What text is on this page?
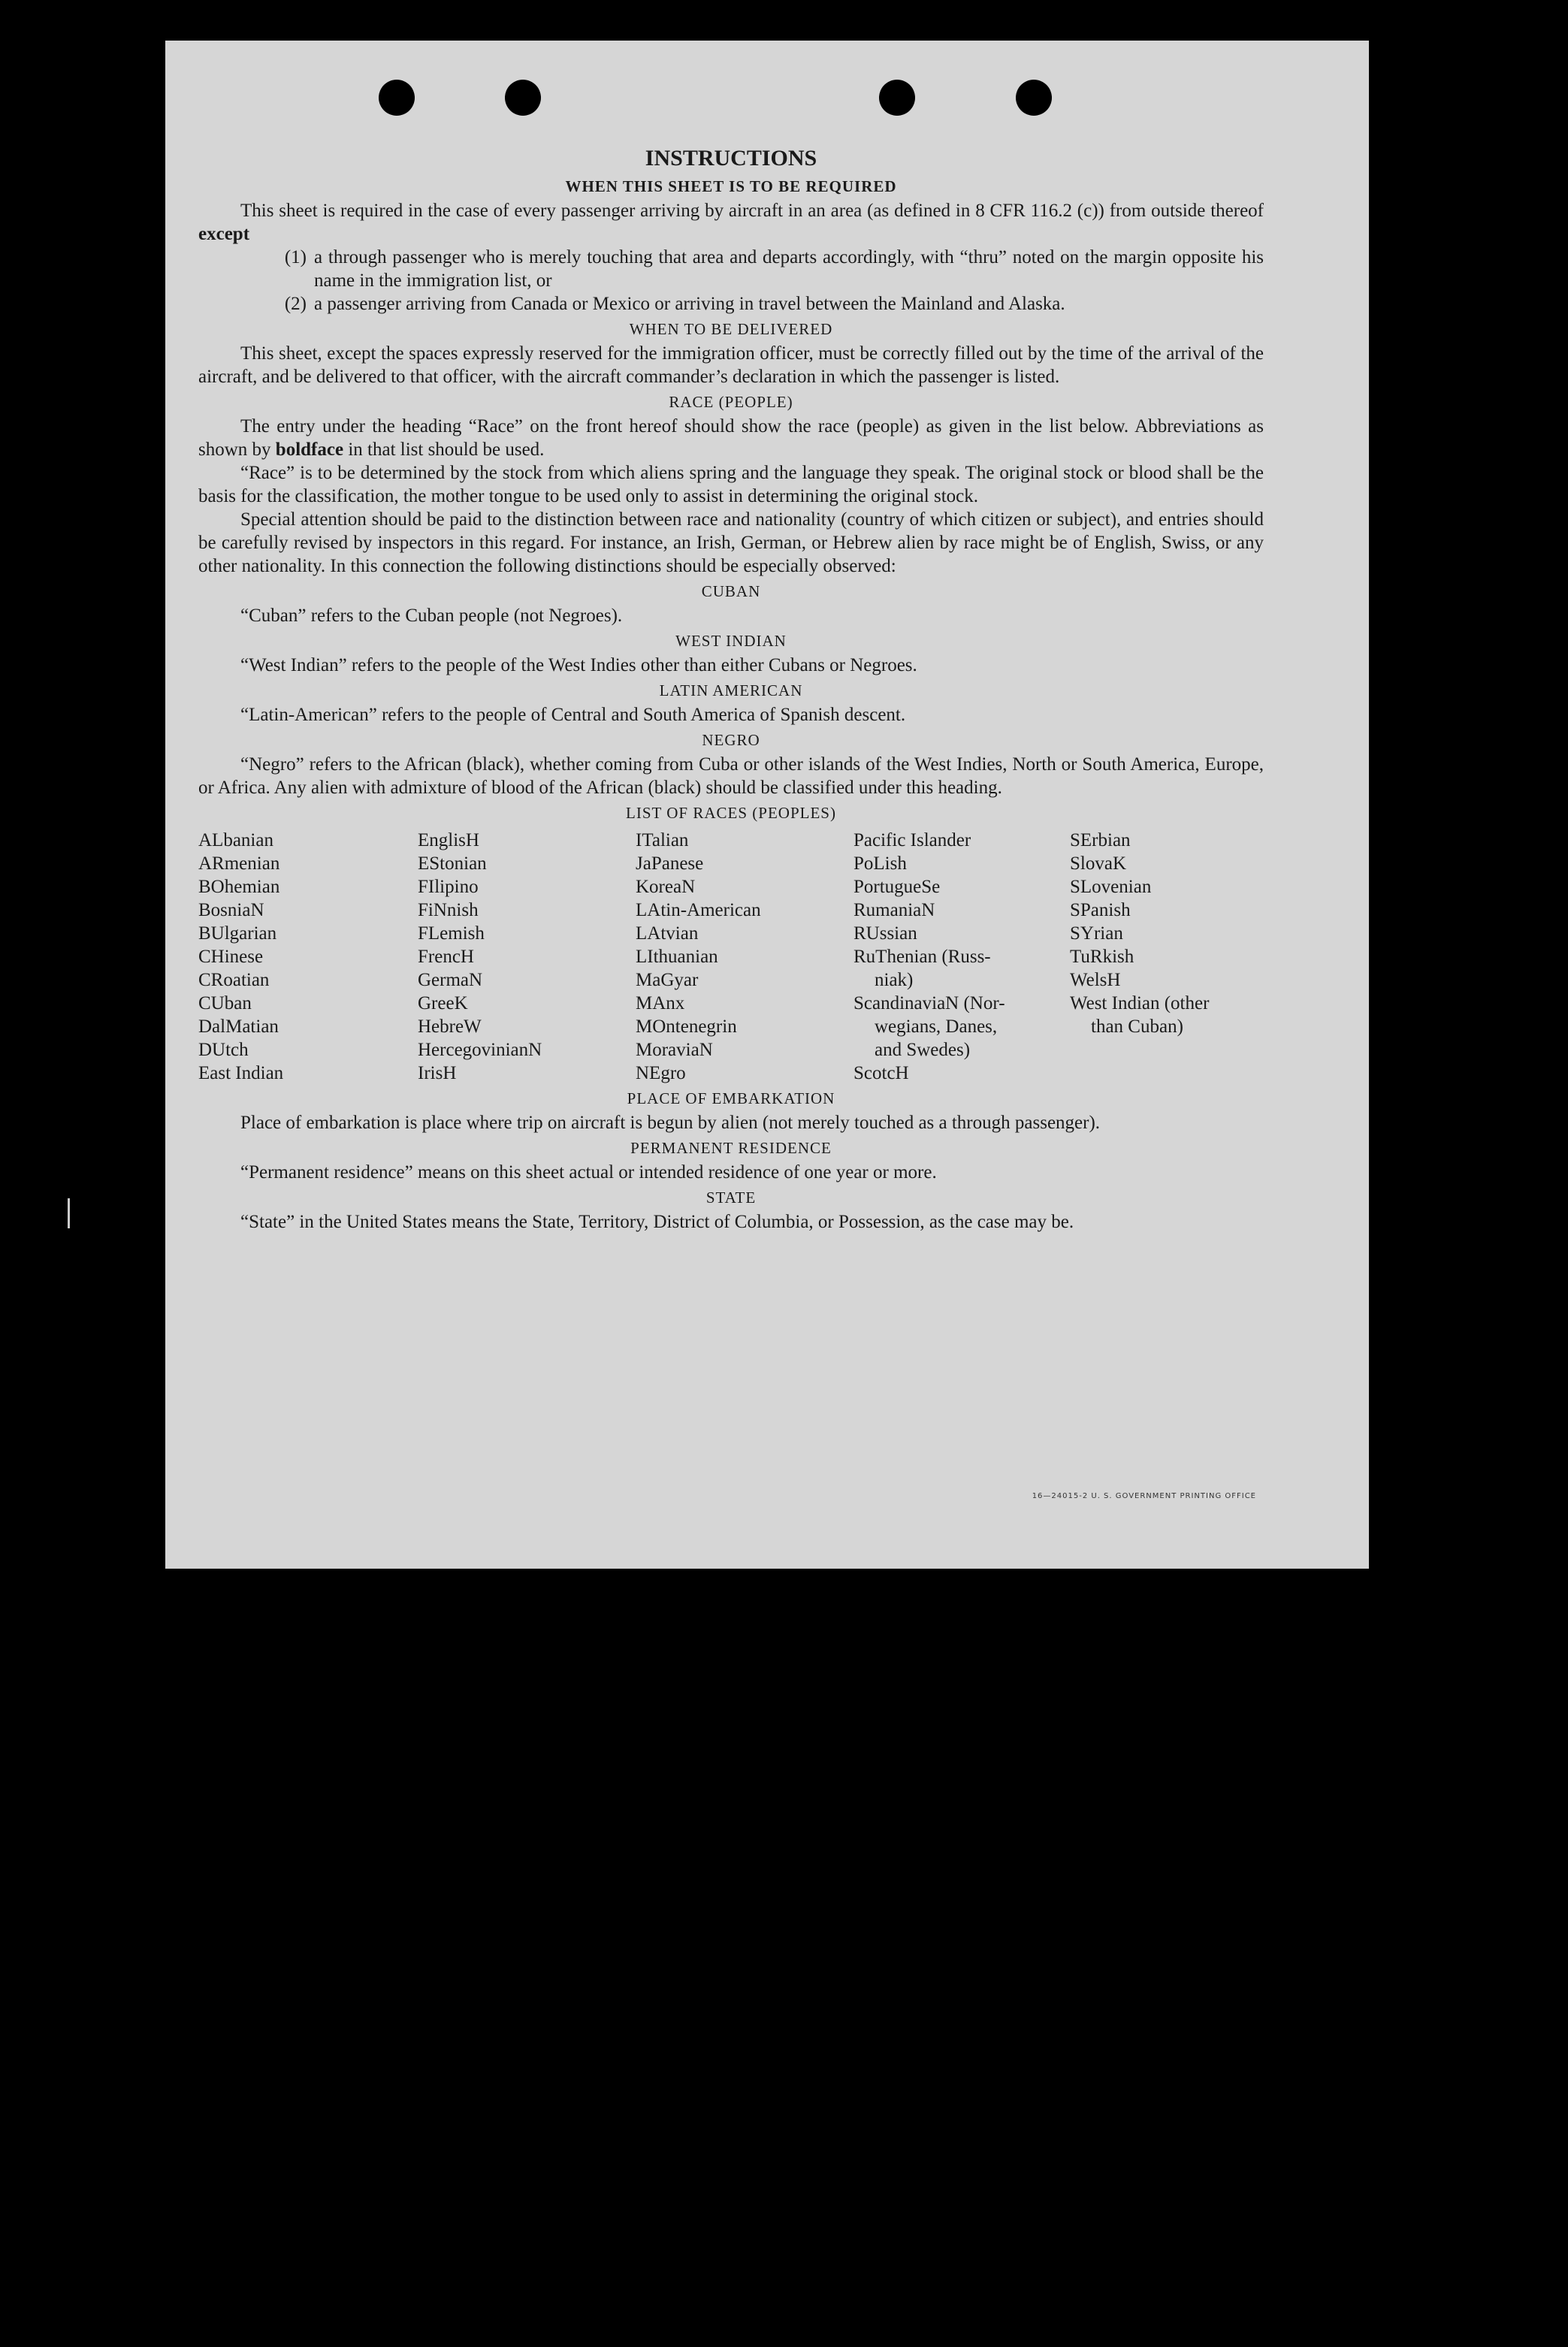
INSTRUCTIONS
WHEN THIS SHEET IS TO BE REQUIRED

This sheet is required in the case of every passenger arriving by aircraft in an area (as defined in 8 CFR 116.2 (c)) from outside thereof except

(1) a through passenger who is merely touching that area and departs accordingly, with “thru” noted on the margin opposite his name in the immigration list, or
(2) a passenger arriving from Canada or Mexico or arriving in travel between the Mainland and Alaska.
WHEN TO BE DELIVERED

This sheet, except the spaces expressly reserved for the immigration officer, must be correctly filled out by the time of the arrival of the aircraft, and be delivered to that officer, with the aircraft commander’s declaration in which the passenger is listed.

RACE (PEOPLE)

The entry under the heading “Race” on the front hereof should show the race (people) as given in the list below. Abbreviations as shown by boldface in that list should be used.

“Race” is to be determined by the stock from which aliens spring and the language they speak. The original stock or blood shall be the basis for the classification, the mother tongue to be used only to assist in determining the original stock.

Special attention should be paid to the distinction between race and nationality (country of which citizen or subject), and entries should be carefully revised by inspectors in this regard. For instance, an Irish, German, or Hebrew alien by race might be of English, Swiss, or any other nationality. In this connection the following distinctions should be especially observed:

CUBAN

“Cuban” refers to the Cuban people (not Negroes).

WEST INDIAN

“West Indian” refers to the people of the West Indies other than either Cubans or Negroes.

LATIN AMERICAN

“Latin-American” refers to the people of Central and South America of Spanish descent.

NEGRO

“Negro” refers to the African (black), whether coming from Cuba or other islands of the West Indies, North or South America, Europe, or Africa. Any alien with admixture of blood of the African (black) should be classified under this heading.

LIST OF RACES (PEOPLES)
ALbanian
ARmenian
BOhemian
BosniaN
BUlgarian
CHinese
CRoatian
CUban
DalMatian
DUtch
East Indian
EnglisH
EStonian
FIlipino
FiNnish
FLemish
FrencH
GermaN
GreeK
HebreW
HercegovinianN
IrisH
ITalian
JaPanese
KoreaN
LAtin-American
LAtvian
LIthuanian
MaGyar
MAnx
MOntenegrin
MoraviaN
NEgro
Pacific Islander
PoLish
PortugueSe
RumaniaN
RUssian
RuThenian (Russ-
niak)
ScandinaviaN (Nor-
wegians, Danes,
and Swedes)
ScotcH
SErbian
SlovaK
SLovenian
SPanish
SYrian
TuRkish
WelsH
West Indian (other
than Cuban)
PLACE OF EMBARKATION

Place of embarkation is place where trip on aircraft is begun by alien (not merely touched as a through passenger).

PERMANENT RESIDENCE

“Permanent residence” means on this sheet actual or intended residence of one year or more.

STATE

“State” in the United States means the State, Territory, District of Columbia, or Possession, as the case may be.

16—24015-2 U. S. GOVERNMENT PRINTING OFFICE
